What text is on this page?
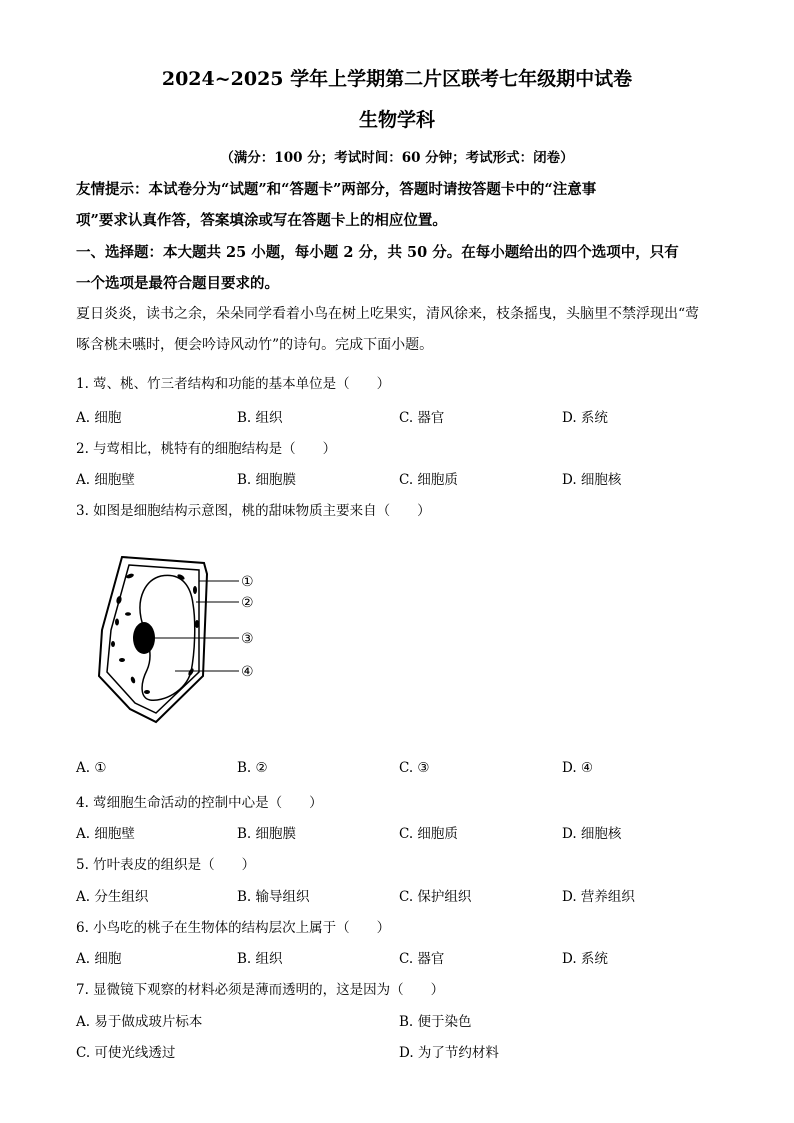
2024~2025 学年上学期第二片区联考七年级期中试卷
生物学科
（满分：100 分；考试时间：60 分钟；考试形式：闭卷）
友情提示：本试卷分为“试题”和“答题卡”两部分，答题时请按答题卡中的“注意事
项”要求认真作答，答案填涂或写在答题卡上的相应位置。
一、选择题：本大题共 25 小题，每小题 2 分，共 50 分。在每小题给出的四个选项中，只有
一个选项是最符合题目要求的。
夏日炎炎，读书之余，朵朵同学看着小鸟在树上吃果实，清风徐来，枝条摇曳，头脑里不禁浮现出“莺
啄含桃未嚥时，便会吟诗风动竹”的诗句。完成下面小题。
1. 莺、桃、竹三者结构和功能的基本单位是（　　）
A. 细胞	B. 组织	C. 器官	D. 系统
2. 与莺相比，桃特有的细胞结构是（　　）
A. 细胞壁	B. 细胞膜	C. 细胞质	D. 细胞核
3. 如图是细胞结构示意图，桃的甜味物质主要来自（　　）
①
②
③
④
A. ①	B. ②	C. ③	D. ④
4. 莺细胞生命活动的控制中心是（　　）
A. 细胞壁	B. 细胞膜	C. 细胞质	D. 细胞核
5. 竹叶表皮的组织是（　　）
A. 分生组织	B. 输导组织	C. 保护组织	D. 营养组织
6. 小鸟吃的桃子在生物体的结构层次上属于（　　）
A. 细胞	B. 组织	C. 器官	D. 系统
7. 显微镜下观察的材料必须是薄而透明的，这是因为（　　）
A. 易于做成玻片标本	B. 便于染色
C. 可使光线透过	D. 为了节约材料
